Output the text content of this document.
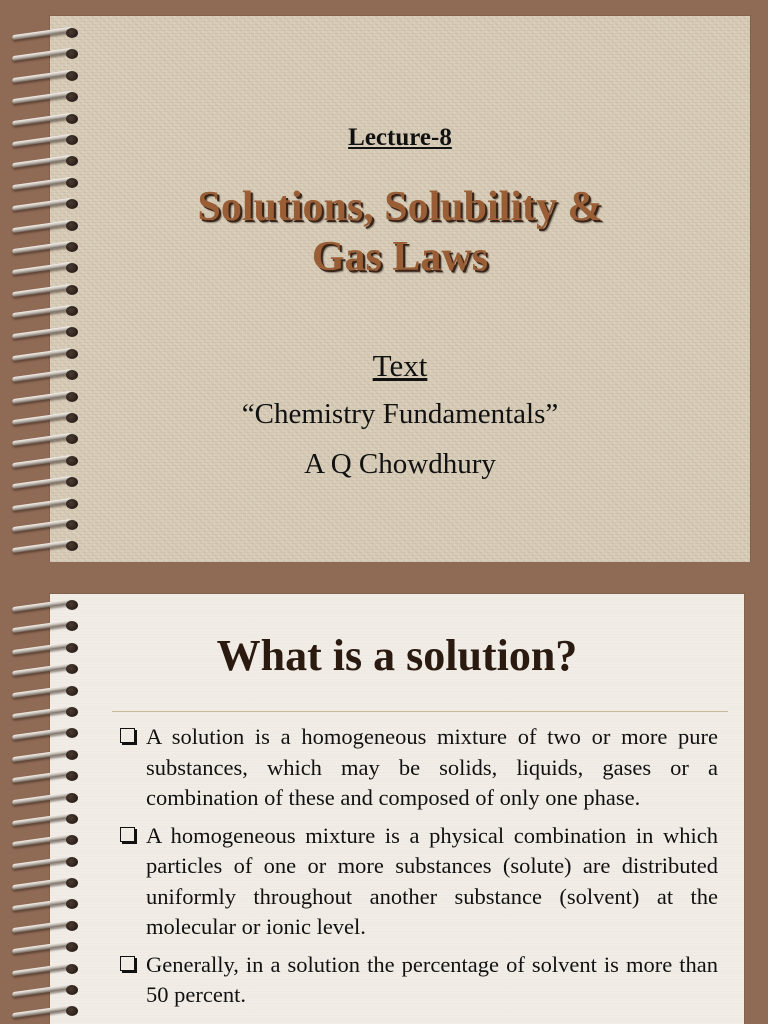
Lecture-8
Solutions, Solubility &
Gas Laws
Text
“Chemistry Fundamentals”
A Q Chowdhury
What is a solution?
A solution is a homogeneous mixture of two or more pure substances, which may be solids, liquids, gases or a combination of these and composed of only one phase.
A homogeneous mixture is a physical combination in which particles of one or more substances (solute) are distributed uniformly throughout another substance (solvent) at the molecular or ionic level.
Generally, in a solution the percentage of solvent is more than 50 percent.
